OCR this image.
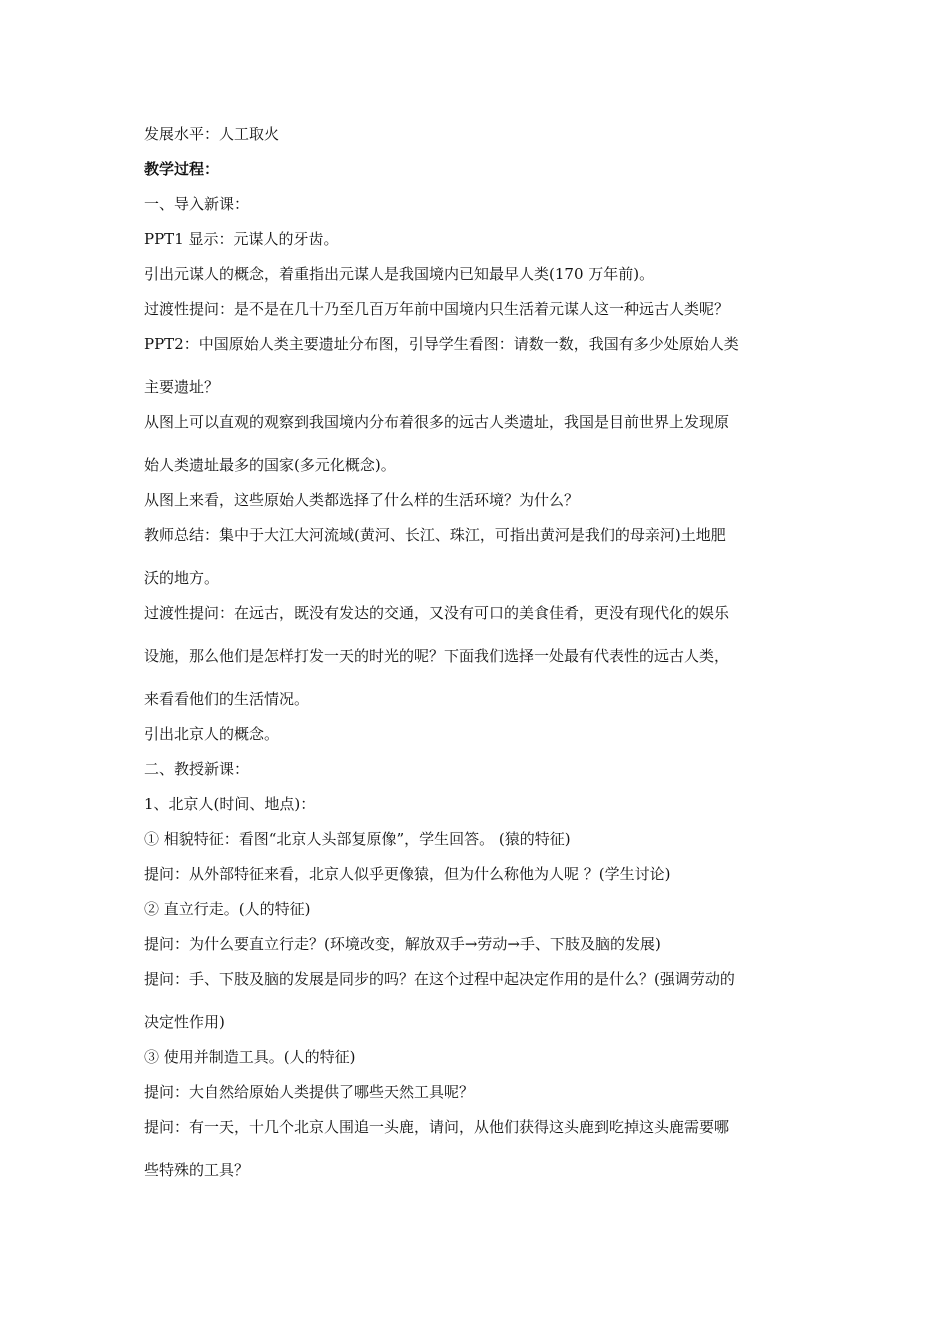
发展水平：人工取火
教学过程：
一、导入新课：
PPT1 显示：元谋人的牙齿。
引出元谋人的概念，着重指出元谋人是我国境内已知最早人类(170 万年前)。
过渡性提问：是不是在几十乃至几百万年前中国境内只生活着元谋人这一种远古人类呢？
PPT2：中国原始人类主要遗址分布图，引导学生看图：请数一数，我国有多少处原始人类
主要遗址？
从图上可以直观的观察到我国境内分布着很多的远古人类遗址，我国是目前世界上发现原
始人类遗址最多的国家(多元化概念)。
从图上来看，这些原始人类都选择了什么样的生活环境？为什么？
教师总结：集中于大江大河流域(黄河、长江、珠江，可指出黄河是我们的母亲河)土地肥
沃的地方。
过渡性提问：在远古，既没有发达的交通，又没有可口的美食佳肴，更没有现代化的娱乐
设施，那么他们是怎样打发一天的时光的呢？下面我们选择一处最有代表性的远古人类，
来看看他们的生活情况。
引出北京人的概念。
二、教授新课：
1、北京人(时间、地点)：
① 相貌特征：看图“北京人头部复原像”，学生回答。 (猿的特征)
提问：从外部特征来看，北京人似乎更像猿，但为什么称他为人呢 ？(学生讨论)
② 直立行走。(人的特征)
提问：为什么要直立行走？(环境改变，解放双手→劳动→手、下肢及脑的发展)
提问：手、下肢及脑的发展是同步的吗？在这个过程中起决定作用的是什么？(强调劳动的
决定性作用)
③ 使用并制造工具。(人的特征)
提问：大自然给原始人类提供了哪些天然工具呢？
提问：有一天，十几个北京人围追一头鹿，请问，从他们获得这头鹿到吃掉这头鹿需要哪
些特殊的工具？
